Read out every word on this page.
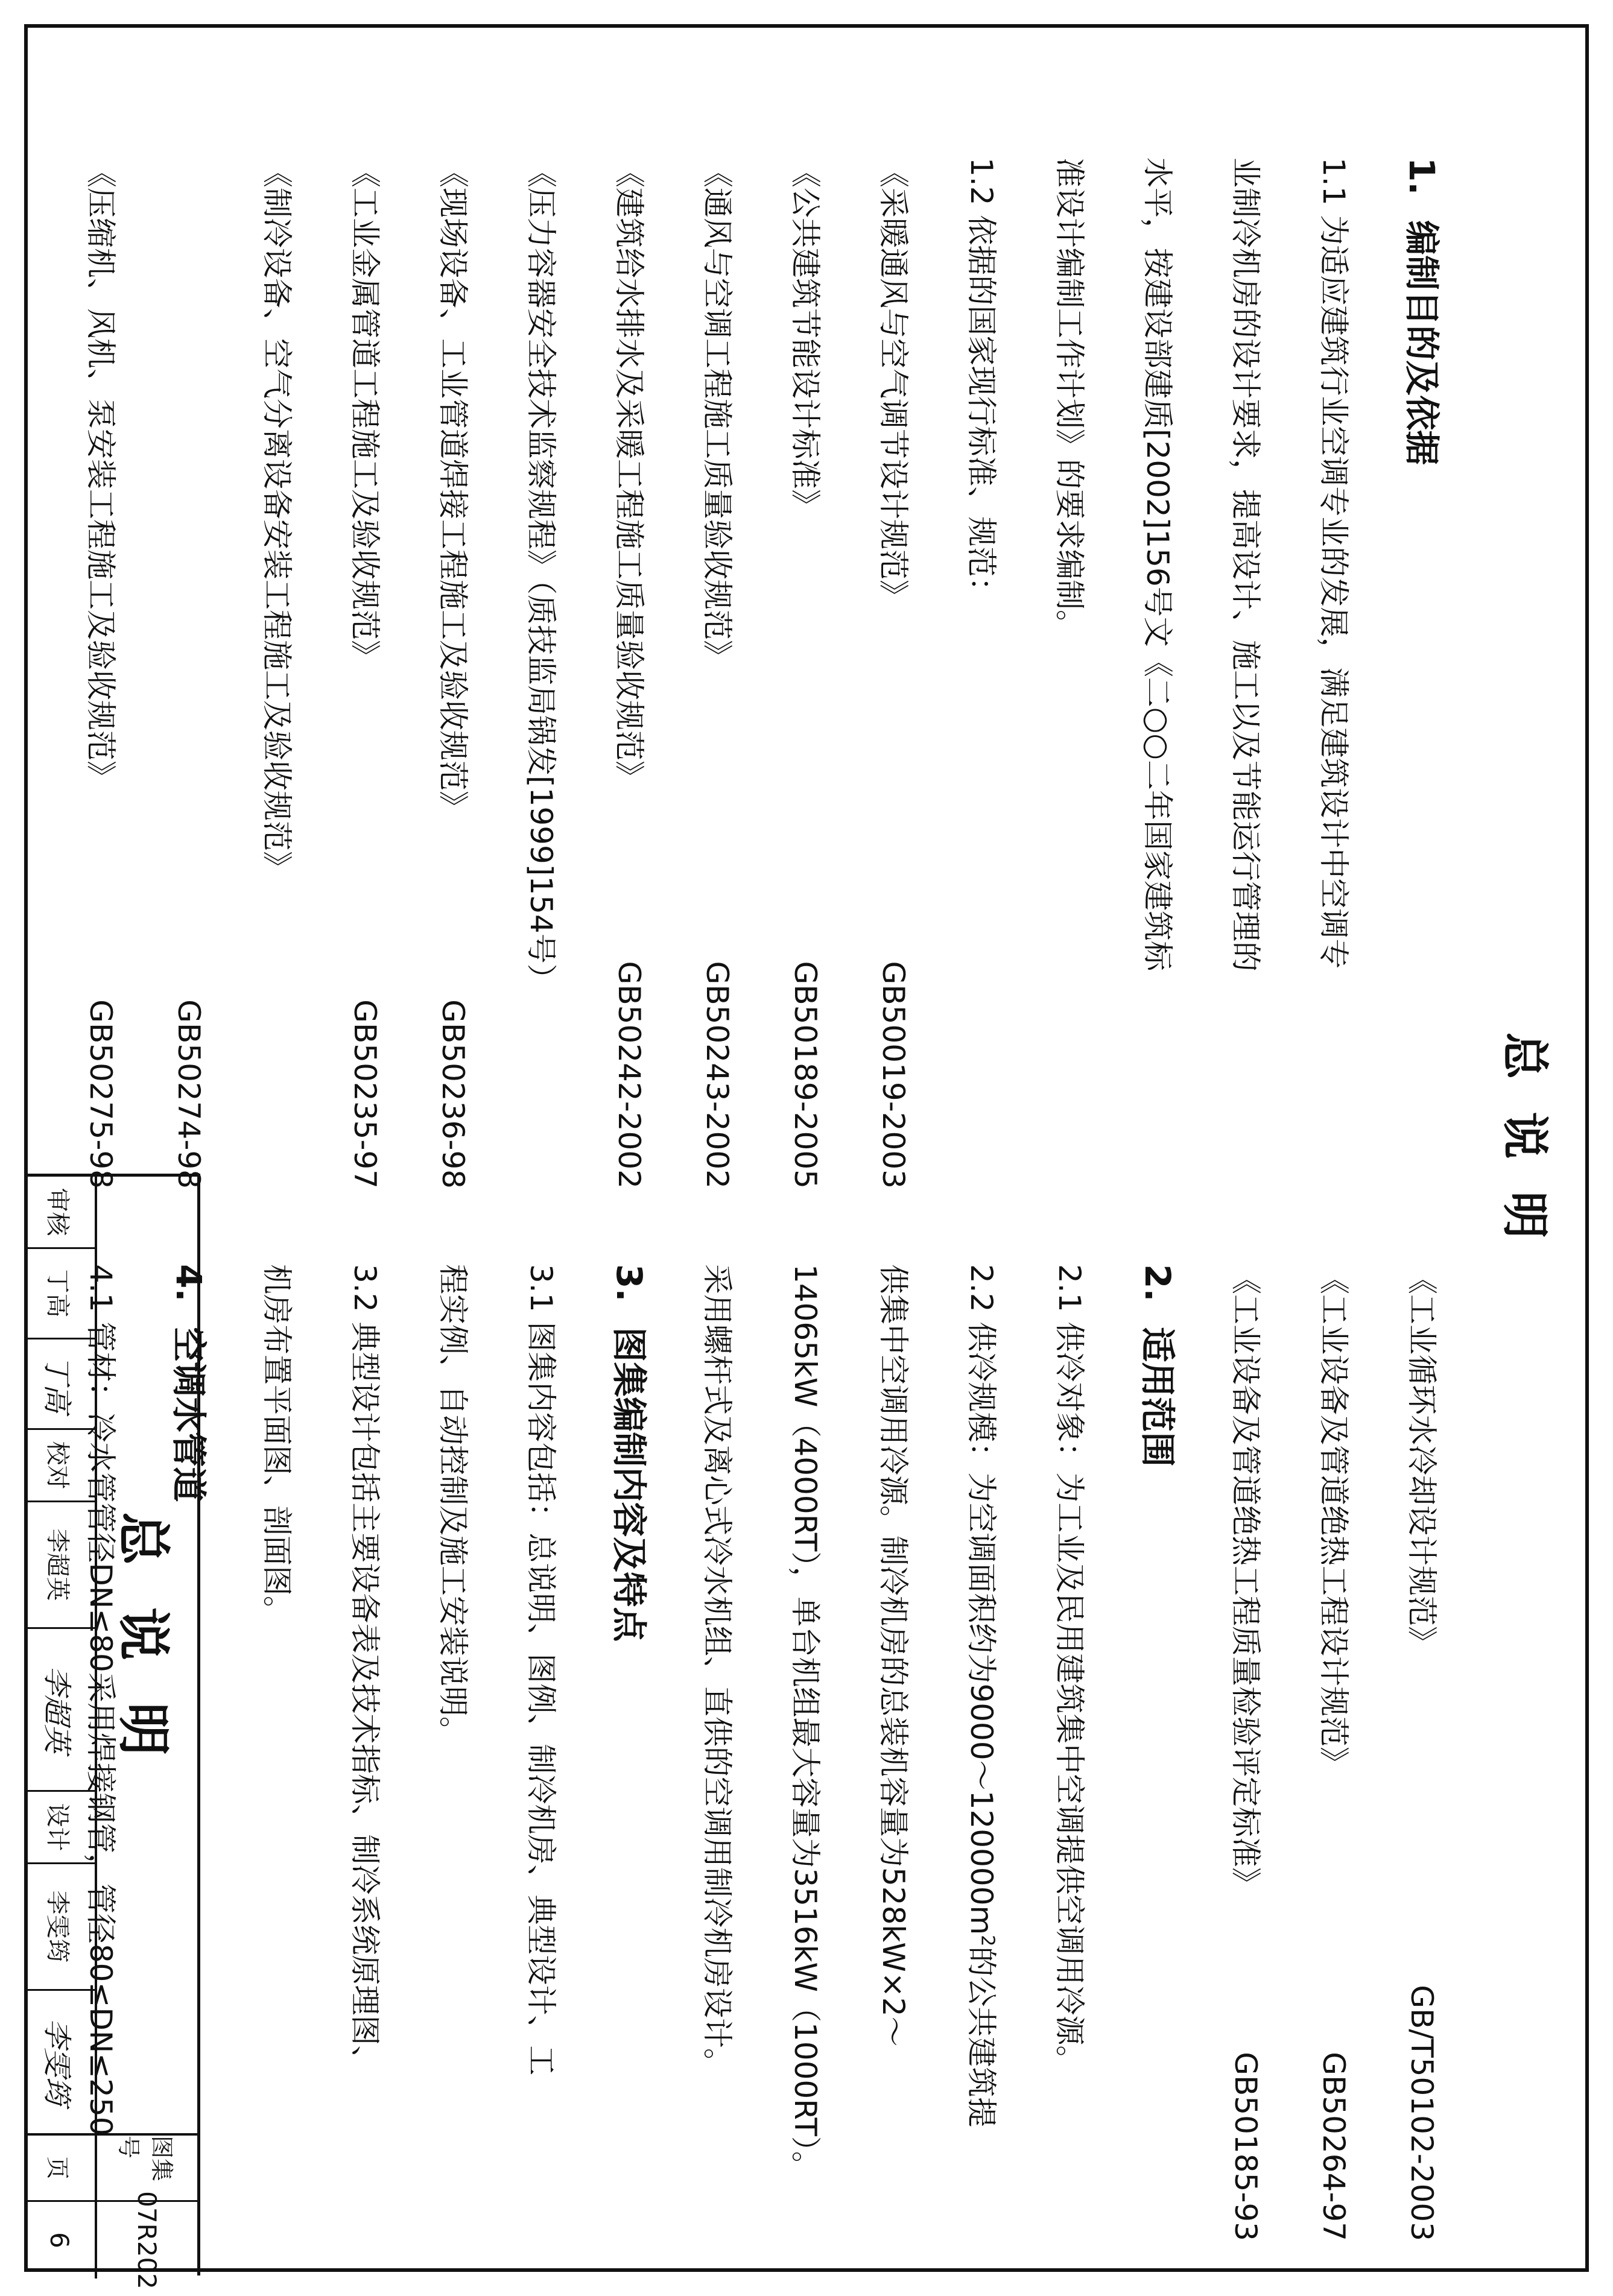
总说明
1.编制目的及依据
1.1 为适应建筑行业空调专业的发展，满足建筑设计中空调专
业制冷机房的设计要求，提高设计、施工以及节能运行管理的
水平，按建设部建质[2002]156号文《二○○二年国家建筑标
准设计编制工作计划》的要求编制。
1.2 依据的国家现行标准、规范：
《采暖通风与空气调节设计规范》
GB50019-2003
《公共建筑节能设计标准》
GB50189-2005
《通风与空调工程施工质量验收规范》
GB50243-2002
《建筑给水排水及采暖工程施工质量验收规范》
GB50242-2002
《压力容器安全技术监察规程》（质技监局锅发[1999]154号）
《现场设备、工业管道焊接工程施工及验收规范》
GB50236-98
《工业金属管道工程施工及验收规范》
GB50235-97
《制冷设备、空气分离设备安装工程施工及验收规范》
GB50274-98
《压缩机、风机、泵安装工程施工及验收规范》
GB50275-98
《工业循环水冷却设计规范》
GB/T50102-2003
《工业设备及管道绝热工程设计规范》
GB50264-97
《工业设备及管道绝热工程质量检验评定标准》
GB50185-93
2.适用范围
2.1 供冷对象：为工业及民用建筑集中空调提供空调用冷源。
2.2 供冷规模：为空调面积约为$9000\sim 120000m^2$的公共建筑提
供集中空调用冷源。制冷机房的总装机容量为528kW×2～
14065kW（4000RT），单台机组最大容量为3516kW（1000RT）。
采用螺杆式及离心式冷水机组、直供的空调用制冷机房设计。
3.图集编制内容及特点
3.1 图集内容包括：总说明、图例、制冷机房、典型设计、工
程实例、自动控制及施工安装说明。
3.2 典型设计包括主要设备表及技术指标、制冷系统原理图、
机房布置平面图、剖面图。
4.空调水管道
4.1 管材：冷水管管径DN≤80采用焊接钢管，管径80≤DN≤250
总说明
审核
丁高
丁高
校对
李超英
李超英
设计
李雯筠
李雯筠
图集号
07R202
页
6
